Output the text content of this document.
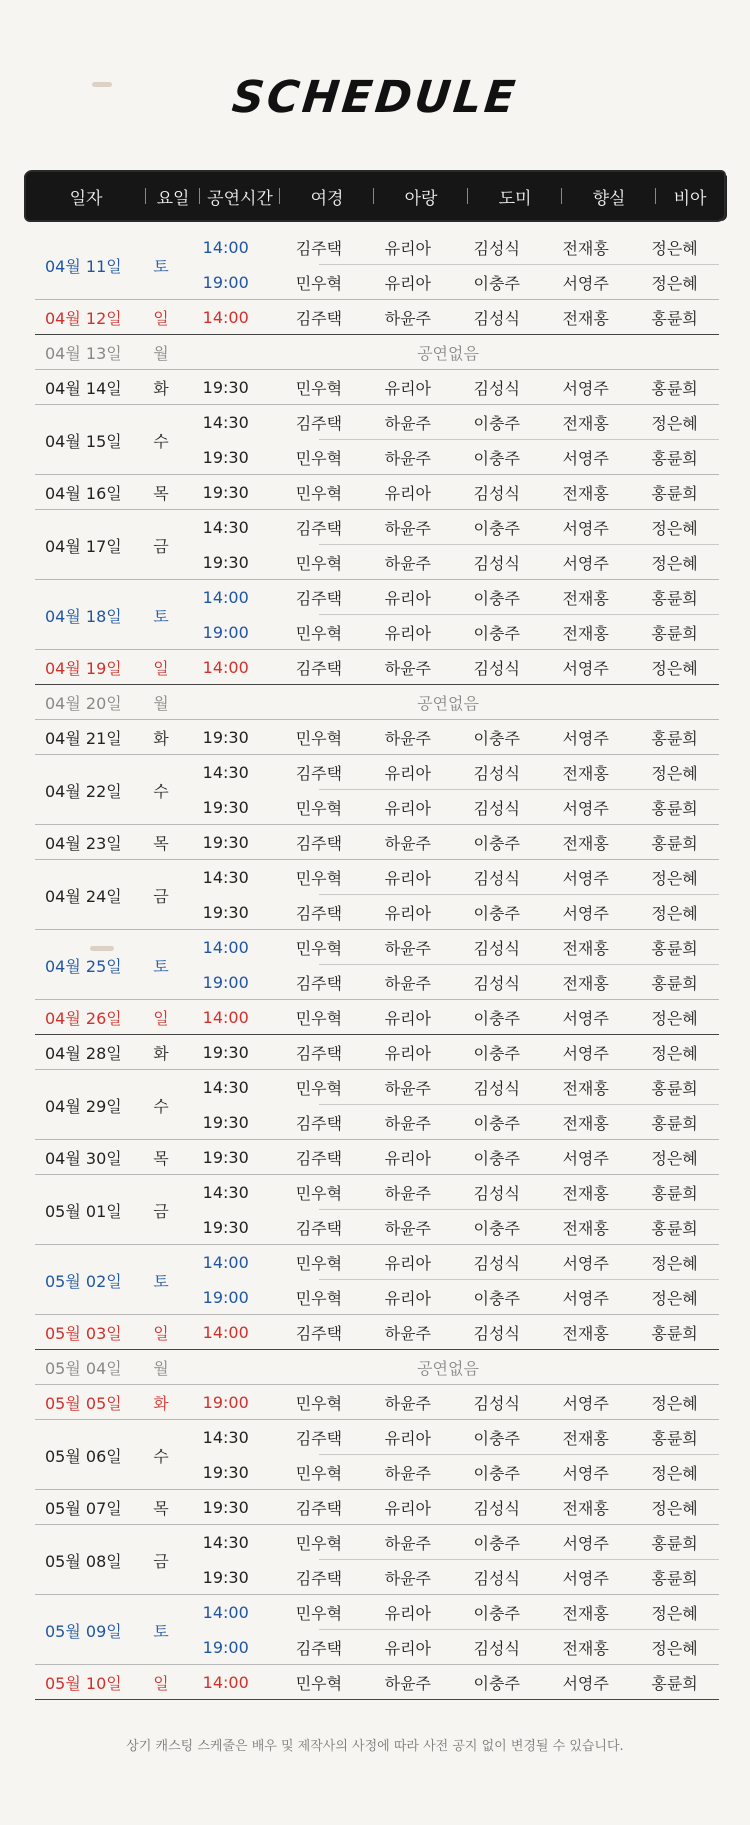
SCHEDULE
일자	요일	공연시간	여경	아랑	도미	향실	비아
04월 11일	토
14:00	김주택	유리아	김성식	전재홍	정은혜
19:00	민우혁	유리아	이충주	서영주	정은혜
04월 12일	일	14:00	김주택	하윤주	김성식	전재홍	홍륜희
04월 13일	월	공연없음
04월 14일	화	19:30	민우혁	유리아	김성식	서영주	홍륜희
04월 15일	수
14:30	김주택	하윤주	이충주	전재홍	정은혜
19:30	민우혁	하윤주	이충주	서영주	홍륜희
04월 16일	목	19:30	민우혁	유리아	김성식	전재홍	홍륜희
04월 17일	금
14:30	김주택	하윤주	이충주	서영주	정은혜
19:30	민우혁	하윤주	김성식	서영주	정은혜
04월 18일	토
14:00	김주택	유리아	이충주	전재홍	홍륜희
19:00	민우혁	유리아	이충주	전재홍	홍륜희
04월 19일	일	14:00	김주택	하윤주	김성식	서영주	정은혜
04월 20일	월	공연없음
04월 21일	화	19:30	민우혁	하윤주	이충주	서영주	홍륜희
04월 22일	수
14:30	김주택	유리아	김성식	전재홍	정은혜
19:30	민우혁	유리아	김성식	서영주	홍륜희
04월 23일	목	19:30	김주택	하윤주	이충주	전재홍	홍륜희
04월 24일	금
14:30	민우혁	유리아	김성식	서영주	정은혜
19:30	김주택	유리아	이충주	서영주	정은혜
04월 25일	토
14:00	민우혁	하윤주	김성식	전재홍	홍륜희
19:00	김주택	하윤주	김성식	전재홍	홍륜희
04월 26일	일	14:00	민우혁	유리아	이충주	서영주	정은혜
04월 28일	화	19:30	김주택	유리아	이충주	서영주	정은혜
04월 29일	수
14:30	민우혁	하윤주	김성식	전재홍	홍륜희
19:30	김주택	하윤주	이충주	전재홍	홍륜희
04월 30일	목	19:30	김주택	유리아	이충주	서영주	정은혜
05월 01일	금
14:30	민우혁	하윤주	김성식	전재홍	홍륜희
19:30	김주택	하윤주	이충주	전재홍	홍륜희
05월 02일	토
14:00	민우혁	유리아	김성식	서영주	정은혜
19:00	민우혁	유리아	이충주	서영주	정은혜
05월 03일	일	14:00	김주택	하윤주	김성식	전재홍	홍륜희
05월 04일	월	공연없음
05월 05일	화	19:00	민우혁	하윤주	김성식	서영주	정은혜
05월 06일	수
14:30	김주택	유리아	이충주	전재홍	홍륜희
19:30	민우혁	하윤주	이충주	서영주	정은혜
05월 07일	목	19:30	김주택	유리아	김성식	전재홍	정은혜
05월 08일	금
14:30	민우혁	하윤주	이충주	서영주	홍륜희
19:30	김주택	하윤주	김성식	서영주	홍륜희
05월 09일	토
14:00	민우혁	유리아	이충주	전재홍	정은혜
19:00	김주택	유리아	김성식	전재홍	정은혜
05월 10일	일	14:00	민우혁	하윤주	이충주	서영주	홍륜희
상기 캐스팅 스케줄은 배우 및 제작사의 사정에 따라 사전 공지 없이 변경될 수 있습니다.
